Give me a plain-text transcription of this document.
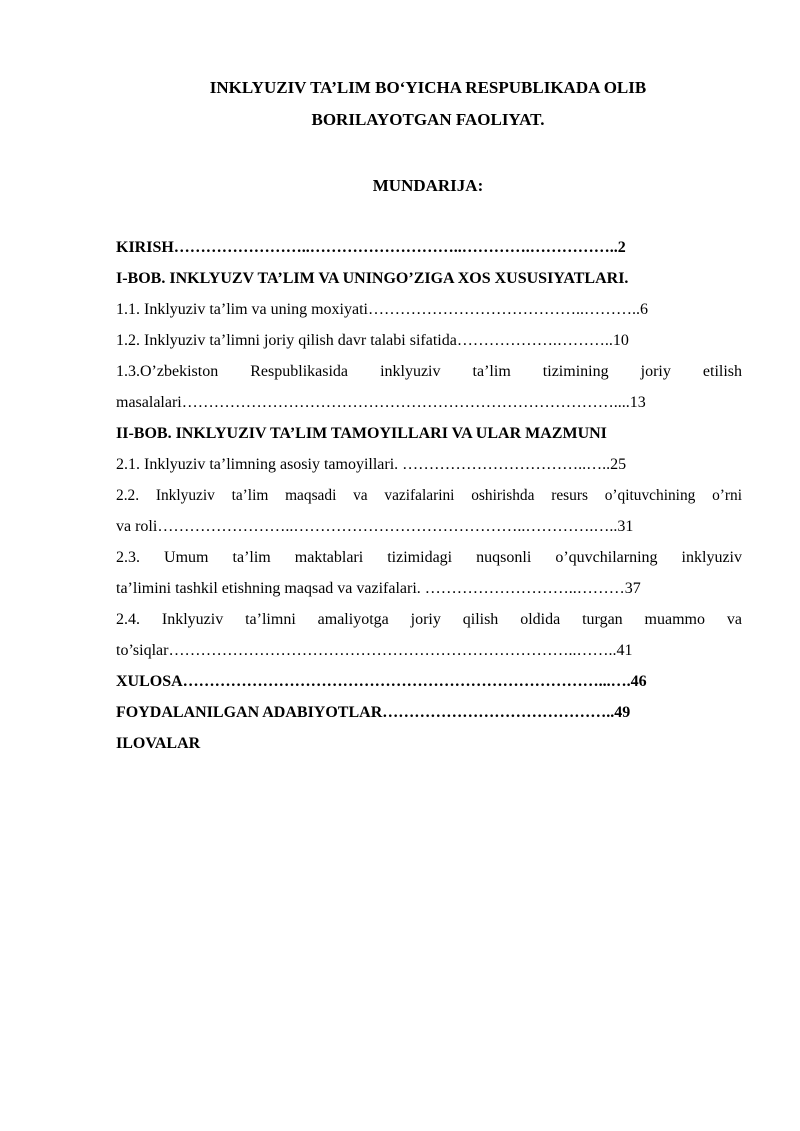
INKLYUZIV TA’LIM BO‘YICHA RESPUBLIKADA OLIB
BORILAYOTGAN FAOLIYAT.
MUNDARIJA:
KIRISH……………………..………………………..………….……………..2
I-BOB. INKLYUZV TA’LIM VA UNINGO’ZIGA XOS XUSUSIYATLARI.
1.1. Inklyuziv ta’lim va uning moxiyati…………………………………..………..6
1.2. Inklyuziv ta’limni joriy qilish davr talabi sifatida……………….………..10
1.3.O’zbekiston Respublikasida inklyuziv ta’lim tizimining joriy etilish
masalalari………………………………………………………………………....13
II-BOB. INKLYUZIV TA’LIM TAMOYILLARI VA ULAR MAZMUNI
2.1. Inklyuziv ta’limning asosiy tamoyillari. ……………………………..…..25
2.2. Inklyuziv ta’lim maqsadi va vazifalarini oshirishda resurs o’qituvchining o’rni
va roli……………………..……………………………………..………….…..31
2.3. Umum ta’lim maktablari tizimidagi nuqsonli o’quvchilarning inklyuziv
ta’limini tashkil etishning maqsad va vazifalari. ………………………..………37
2.4. Inklyuziv ta’limni amaliyotga joriy qilish oldida turgan muammo va
to’siqlar…………………………………………………………………..……..41
XULOSA……………………………………………………………………...….46
FOYDALANILGAN ADABIYOTLAR……………………………………..49
ILOVALAR
